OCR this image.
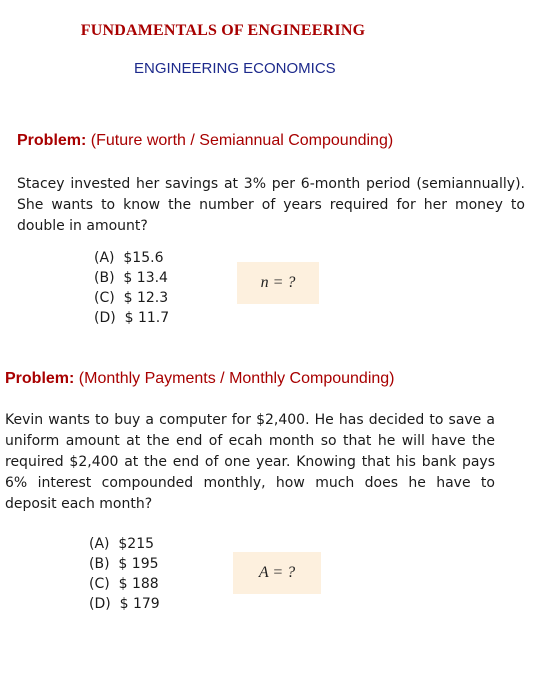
FUNDAMENTALS OF ENGINEERING
ENGINEERING ECONOMICS
Problem: (Future worth / Semiannual Compounding)
Stacey invested her savings at 3% per 6-month period (semiannually). She wants to know the number of years required for her money to double in amount?
(A)  $15.6
(B)  $ 13.4
(C)  $ 12.3
(D)  $ 11.7
n = ?
Problem: (Monthly Payments / Monthly Compounding)
Kevin wants to buy a computer for $2,400. He has decided to save a uniform amount at the end of ecah month so that he will have the required $2,400 at the end of one year. Knowing that his bank pays 6% interest compounded monthly, how much does he have to deposit each month?
(A)  $215
(B)  $ 195
(C)  $ 188
(D)  $ 179
A = ?
